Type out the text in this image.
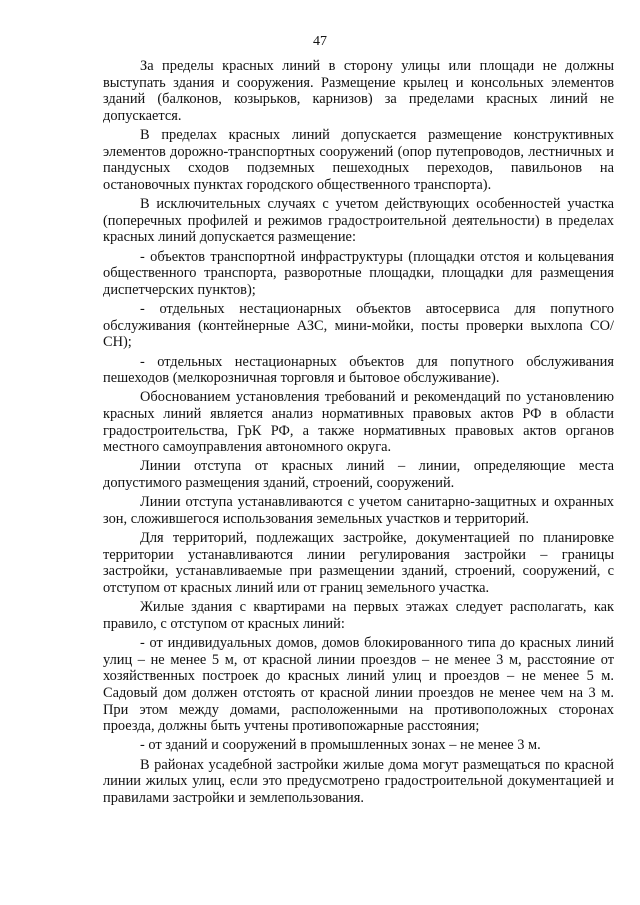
47

За пределы красных линий в сторону улицы или площади не должны выступать здания и сооружения. Размещение крылец и консольных элементов зданий (балконов, козырьков, карнизов) за пределами красных линий не допускается.

В пределах красных линий допускается размещение конструктивных элементов дорожно-транспортных сооружений (опор путепроводов, лестничных и пандусных сходов подземных пешеходных переходов, павильонов на остановочных пунктах городского общественного транспорта).

В исключительных случаях с учетом действующих особенностей участка (поперечных профилей и режимов градостроительной деятельности) в пределах красных линий допускается размещение:

- объектов транспортной инфраструктуры (площадки отстоя и кольцевания общественного транспорта, разворотные площадки, площадки для размещения диспетчерских пунктов);

- отдельных нестационарных объектов автосервиса для попутного обслуживания (контейнерные АЗС, мини-мойки, посты проверки выхлопа СО/СН);

- отдельных нестационарных объектов для попутного обслуживания пешеходов (мелкорозничная торговля и бытовое обслуживание).

Обоснованием установления требований и рекомендаций по установлению красных линий является анализ нормативных правовых актов РФ в области градостроительства, ГрК РФ, а также нормативных правовых актов органов местного самоуправления автономного округа.

Линии отступа от красных линий – линии, определяющие места допустимого размещения зданий, строений, сооружений.

Линии отступа устанавливаются с учетом санитарно-защитных и охранных зон, сложившегося использования земельных участков и территорий.

Для территорий, подлежащих застройке, документацией по планировке территории устанавливаются линии регулирования застройки – границы застройки, устанавливаемые при размещении зданий, строений, сооружений, с отступом от красных линий или от границ земельного участка.

Жилые здания с квартирами на первых этажах следует располагать, как правило, с отступом от красных линий:

- от индивидуальных домов, домов блокированного типа до красных линий улиц – не менее 5 м, от красной линии проездов – не менее 3 м, расстояние от хозяйственных построек до красных линий улиц и проездов – не менее 5 м. Садовый дом должен отстоять от красной линии проездов не менее чем на 3 м. При этом между домами, расположенными на противоположных сторонах проезда, должны быть учтены противопожарные расстояния;

- от зданий и сооружений в промышленных зонах – не менее 3 м.

В районах усадебной застройки жилые дома могут размещаться по красной линии жилых улиц, если это предусмотрено градостроительной документацией и правилами застройки и землепользования.
